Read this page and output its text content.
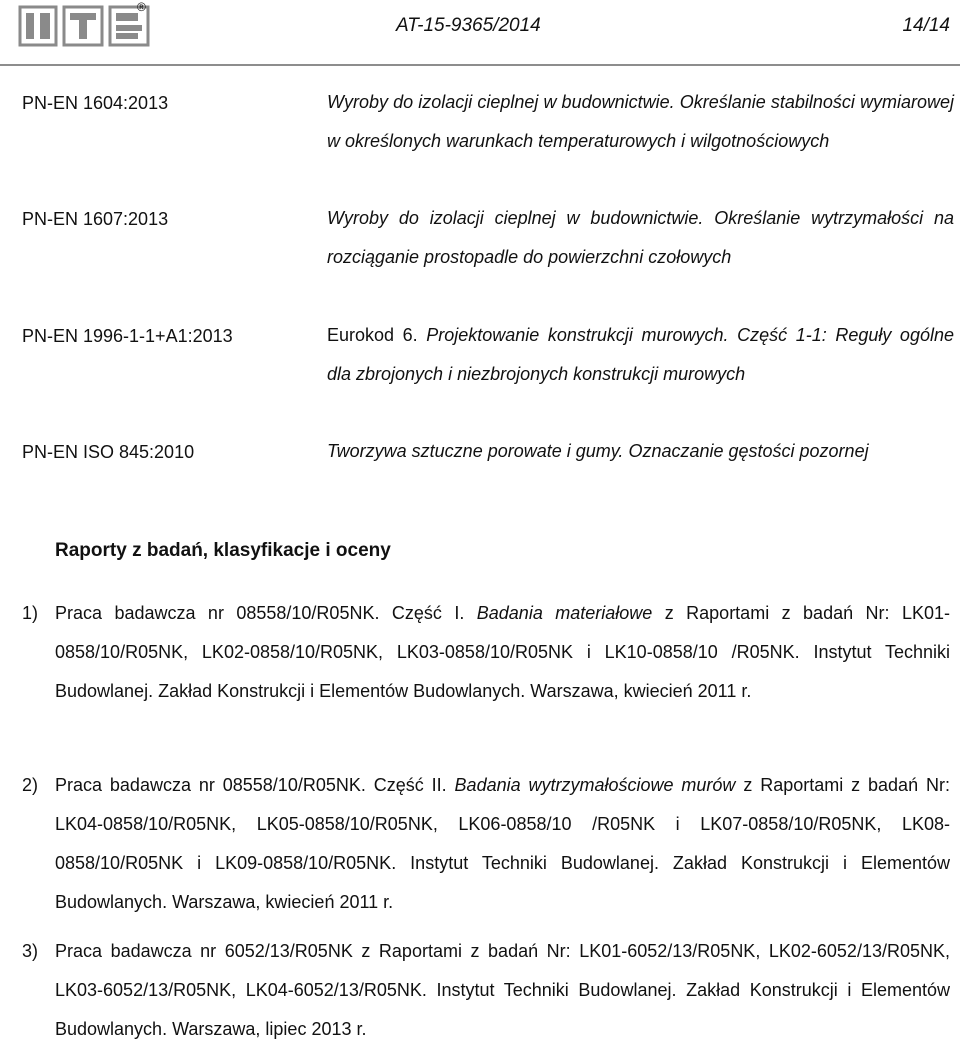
®
AT-15-9365/2014	14/14
PN-EN 1604:2013	Wyroby do izolacji cieplnej w budownictwie. Określanie stabilności wymiarowej w określonych warunkach temperaturowych i wilgotnościowych
PN-EN 1607:2013	Wyroby do izolacji cieplnej w budownictwie. Określanie wytrzymałości na rozciąganie prostopadle do powierzchni czołowych
PN-EN 1996-1-1+A1:2013	Eurokod 6. Projektowanie konstrukcji murowych. Część 1-1: Reguły ogólne dla zbrojonych i niezbrojonych konstrukcji murowych
PN-EN ISO 845:2010	Tworzywa sztuczne porowate i gumy. Oznaczanie gęstości pozornej
Raporty z badań, klasyfikacje i oceny
1) Praca badawcza nr 08558/10/R05NK. Część I. Badania materiałowe z Raportami z badań Nr: LK01-0858/10/R05NK, LK02-0858/10/R05NK, LK03-0858/10/R05NK i LK10-0858/10 /R05NK. Instytut Techniki Budowlanej. Zakład Konstrukcji i Elementów Budowlanych. Warszawa, kwiecień 2011 r.
2) Praca badawcza nr 08558/10/R05NK. Część II. Badania wytrzymałościowe murów z Raportami z badań Nr: LK04-0858/10/R05NK, LK05-0858/10/R05NK, LK06-0858/10 /R05NK i LK07-0858/10/R05NK, LK08-0858/10/R05NK i LK09-0858/10/R05NK. Instytut Techniki Budowlanej. Zakład Konstrukcji i Elementów Budowlanych. Warszawa, kwiecień 2011 r.
3) Praca badawcza nr 6052/13/R05NK z Raportami z badań Nr: LK01-6052/13/R05NK, LK02-6052/13/R05NK, LK03-6052/13/R05NK, LK04-6052/13/R05NK. Instytut Techniki Budowlanej. Zakład Konstrukcji i Elementów Budowlanych. Warszawa, lipiec 2013 r.
